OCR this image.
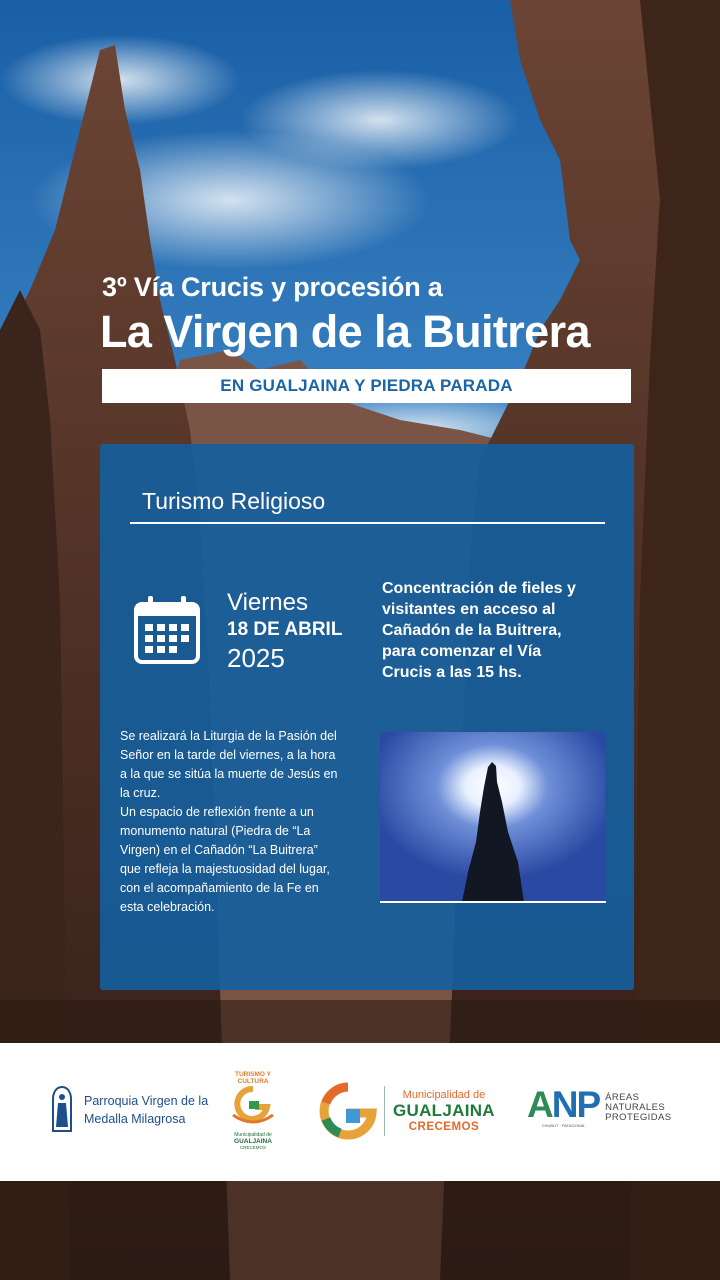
3º Vía Crucis y procesión a
La Virgen de la Buitrera
EN GUALJAINA Y PIEDRA PARADA
Turismo Religioso
Viernes
18 DE ABRIL
2025
Concentración de fieles y
visitantes en acceso al
Cañadón de la Buitrera,
para comenzar el Vía
Crucis a las 15 hs.

Se realizará la Liturgia de la Pasión del

Señor en la tarde del viernes, a la hora

a la que se sitúa la muerte de Jesús en

la cruz.

Un espacio de reflexión frente a un

monumento natural (Piedra de “La

Virgen) en el Cañadón “La Buitrera”

que refleja la majestuosidad del lugar,

con el acompañamiento de la Fe en

esta celebración.

Parroquia Virgen de la
Medalla Milagrosa
TURISMO Y CULTURA
Municipalidad de
GUALJAINA
CRECEMOS
Municipalidad de
GUALJAINA
CRECEMOS
ANP
CHUBUT · PATAGONIA
ÁREAS
NATURALES
PROTEGIDAS
